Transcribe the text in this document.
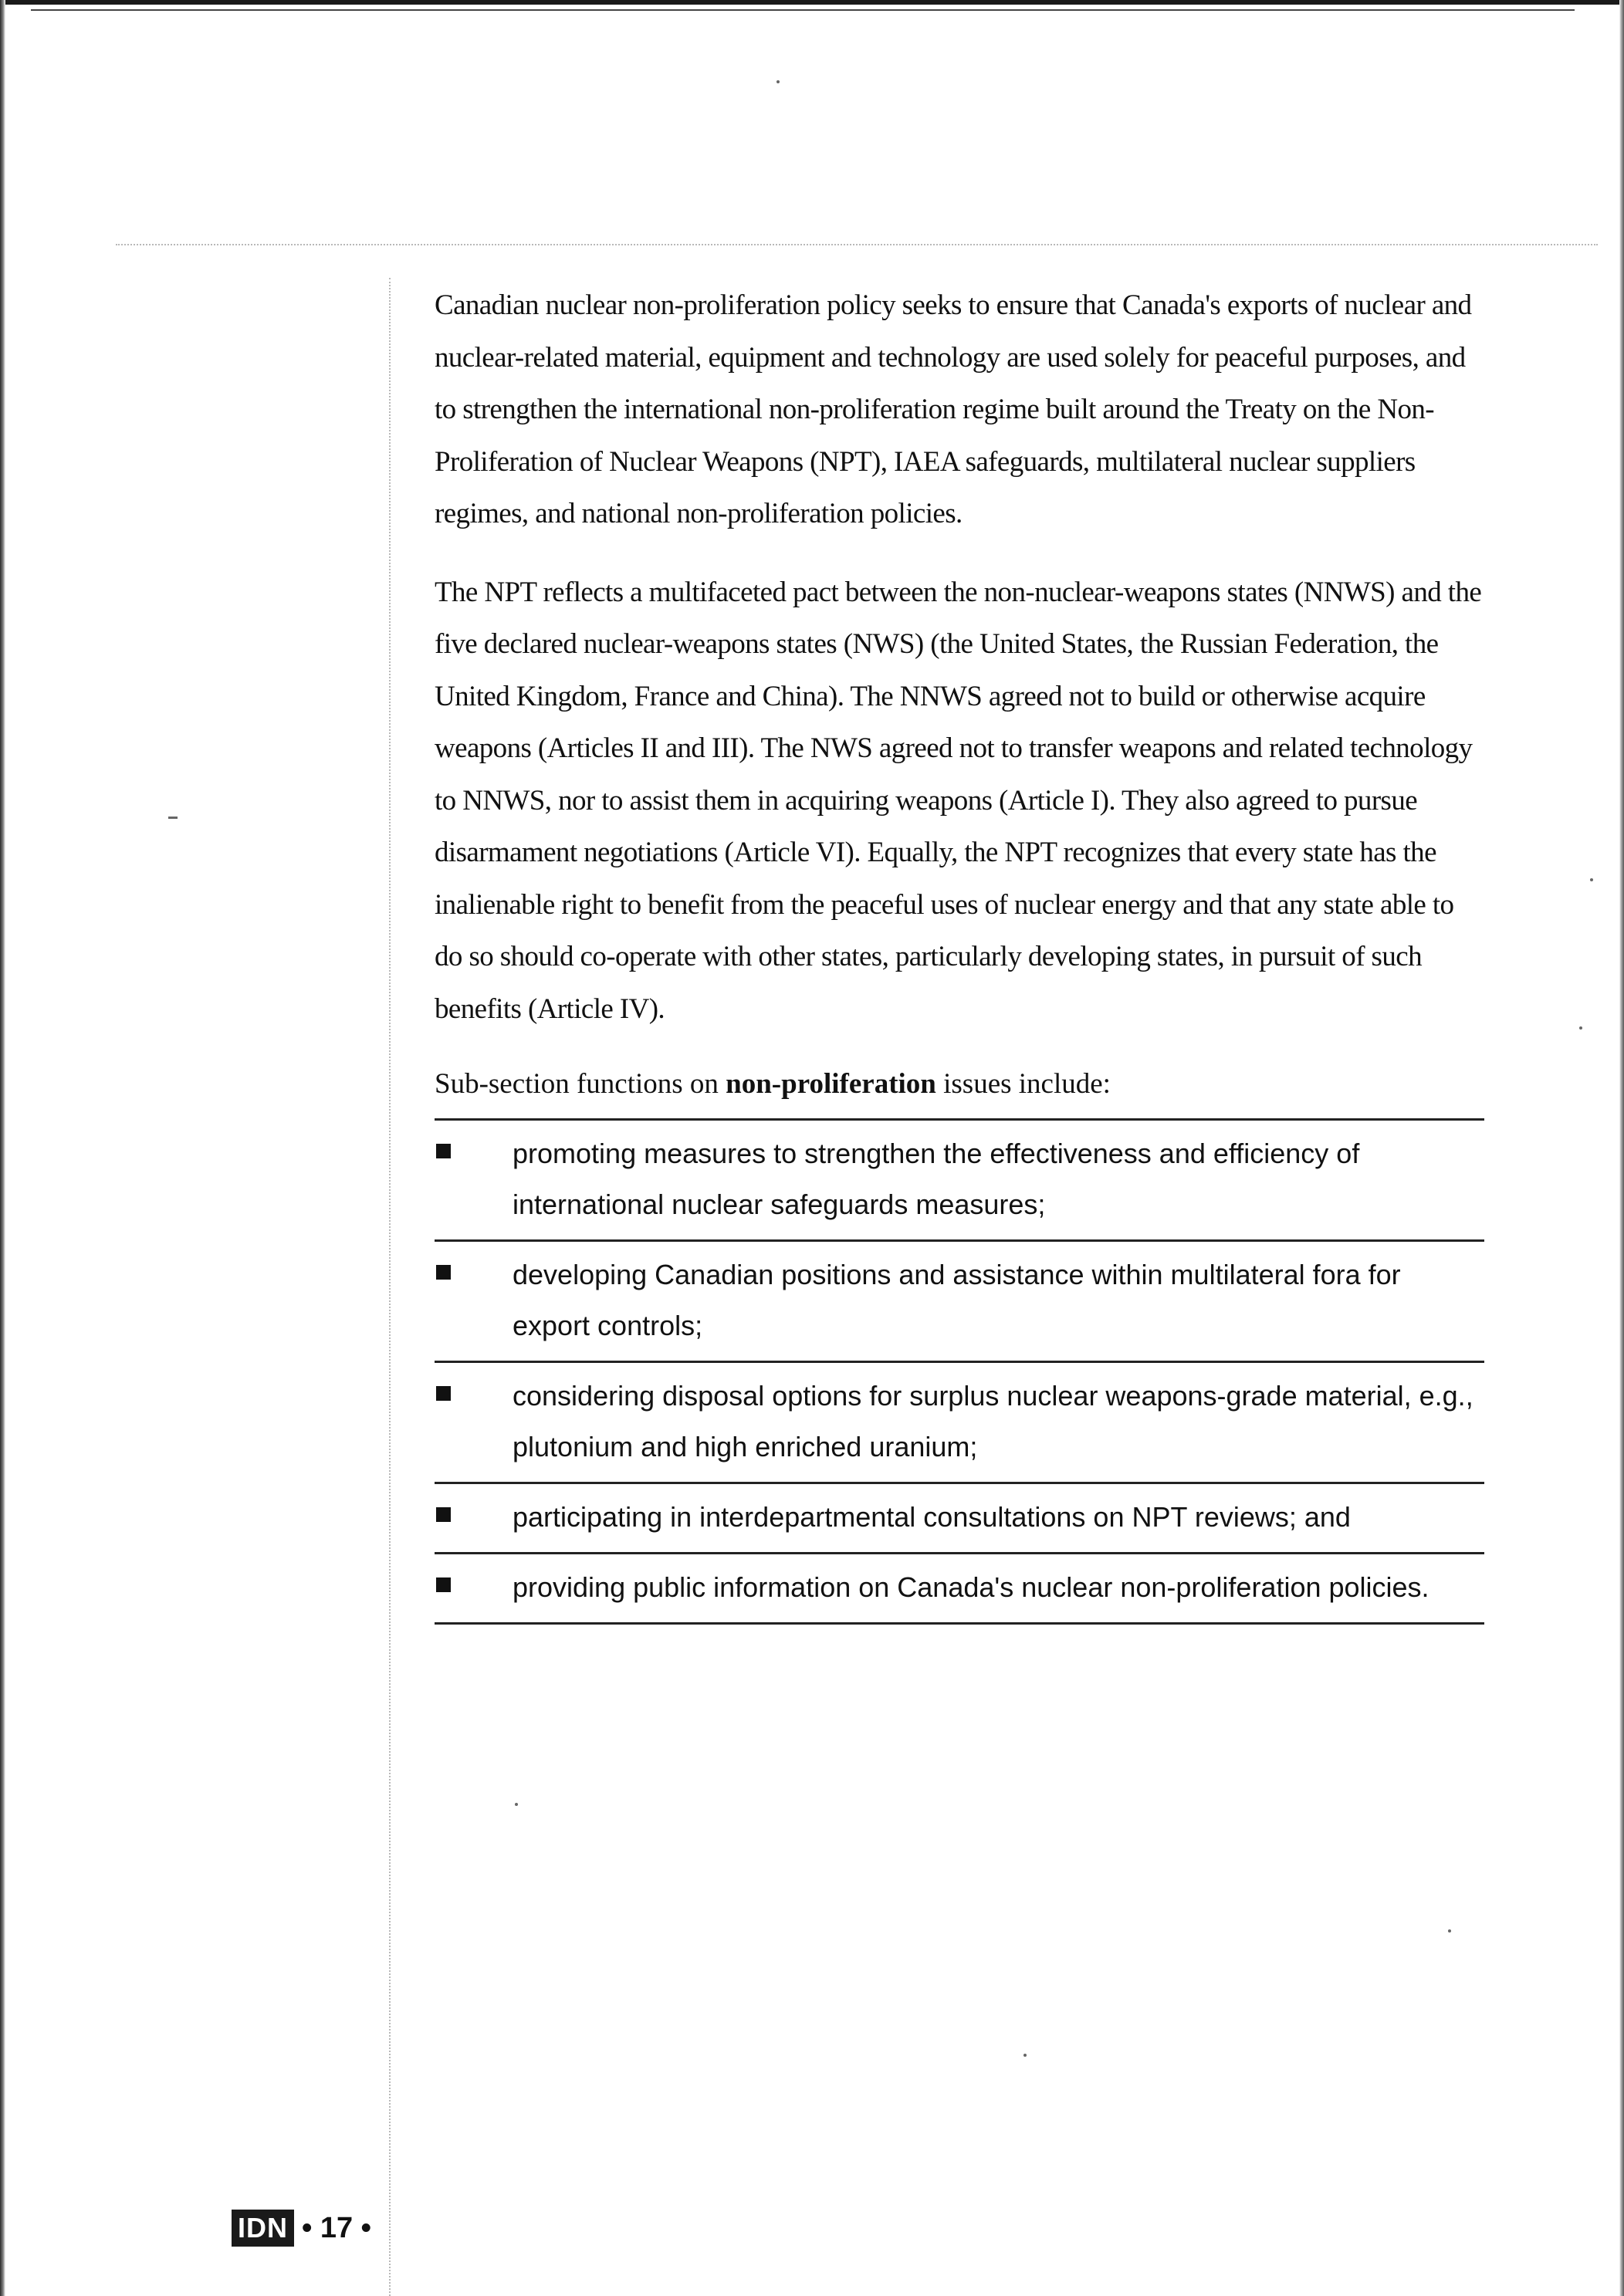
Canadian nuclear non-proliferation policy seeks to ensure that Canada's exports of nuclear and nuclear-related material, equipment and technology are used solely for peaceful purposes, and to strengthen the international non-proliferation regime built around the Treaty on the Non-Proliferation of Nuclear Weapons (NPT), IAEA safeguards, multilateral nuclear suppliers regimes, and national non-proliferation policies.

The NPT reflects a multifaceted pact between the non-nuclear-weapons states (NNWS) and the five declared nuclear-weapons states (NWS) (the United States, the Russian Federation, the United Kingdom, France and China). The NNWS agreed not to build or otherwise acquire weapons (Articles II and III). The NWS agreed not to transfer weapons and related technology to NNWS, nor to assist them in acquiring weapons (Article I). They also agreed to pursue disarmament negotiations (Article VI). Equally, the NPT recognizes that every state has the inalienable right to benefit from the peaceful uses of nuclear energy and that any state able to do so should co-operate with other states, particularly developing states, in pursuit of such benefits (Article IV).

Sub-section functions on non-proliferation issues include:

promoting measures to strengthen the effectiveness and efficiency of international nuclear safeguards measures;
developing Canadian positions and assistance within multilateral fora for export controls;
considering disposal options for surplus nuclear weapons-grade material, e.g., plutonium and high enriched uranium;
participating in interdepartmental consultations on NPT reviews; and
providing public information on Canada's nuclear non-proliferation policies.
IDN • 17 •
